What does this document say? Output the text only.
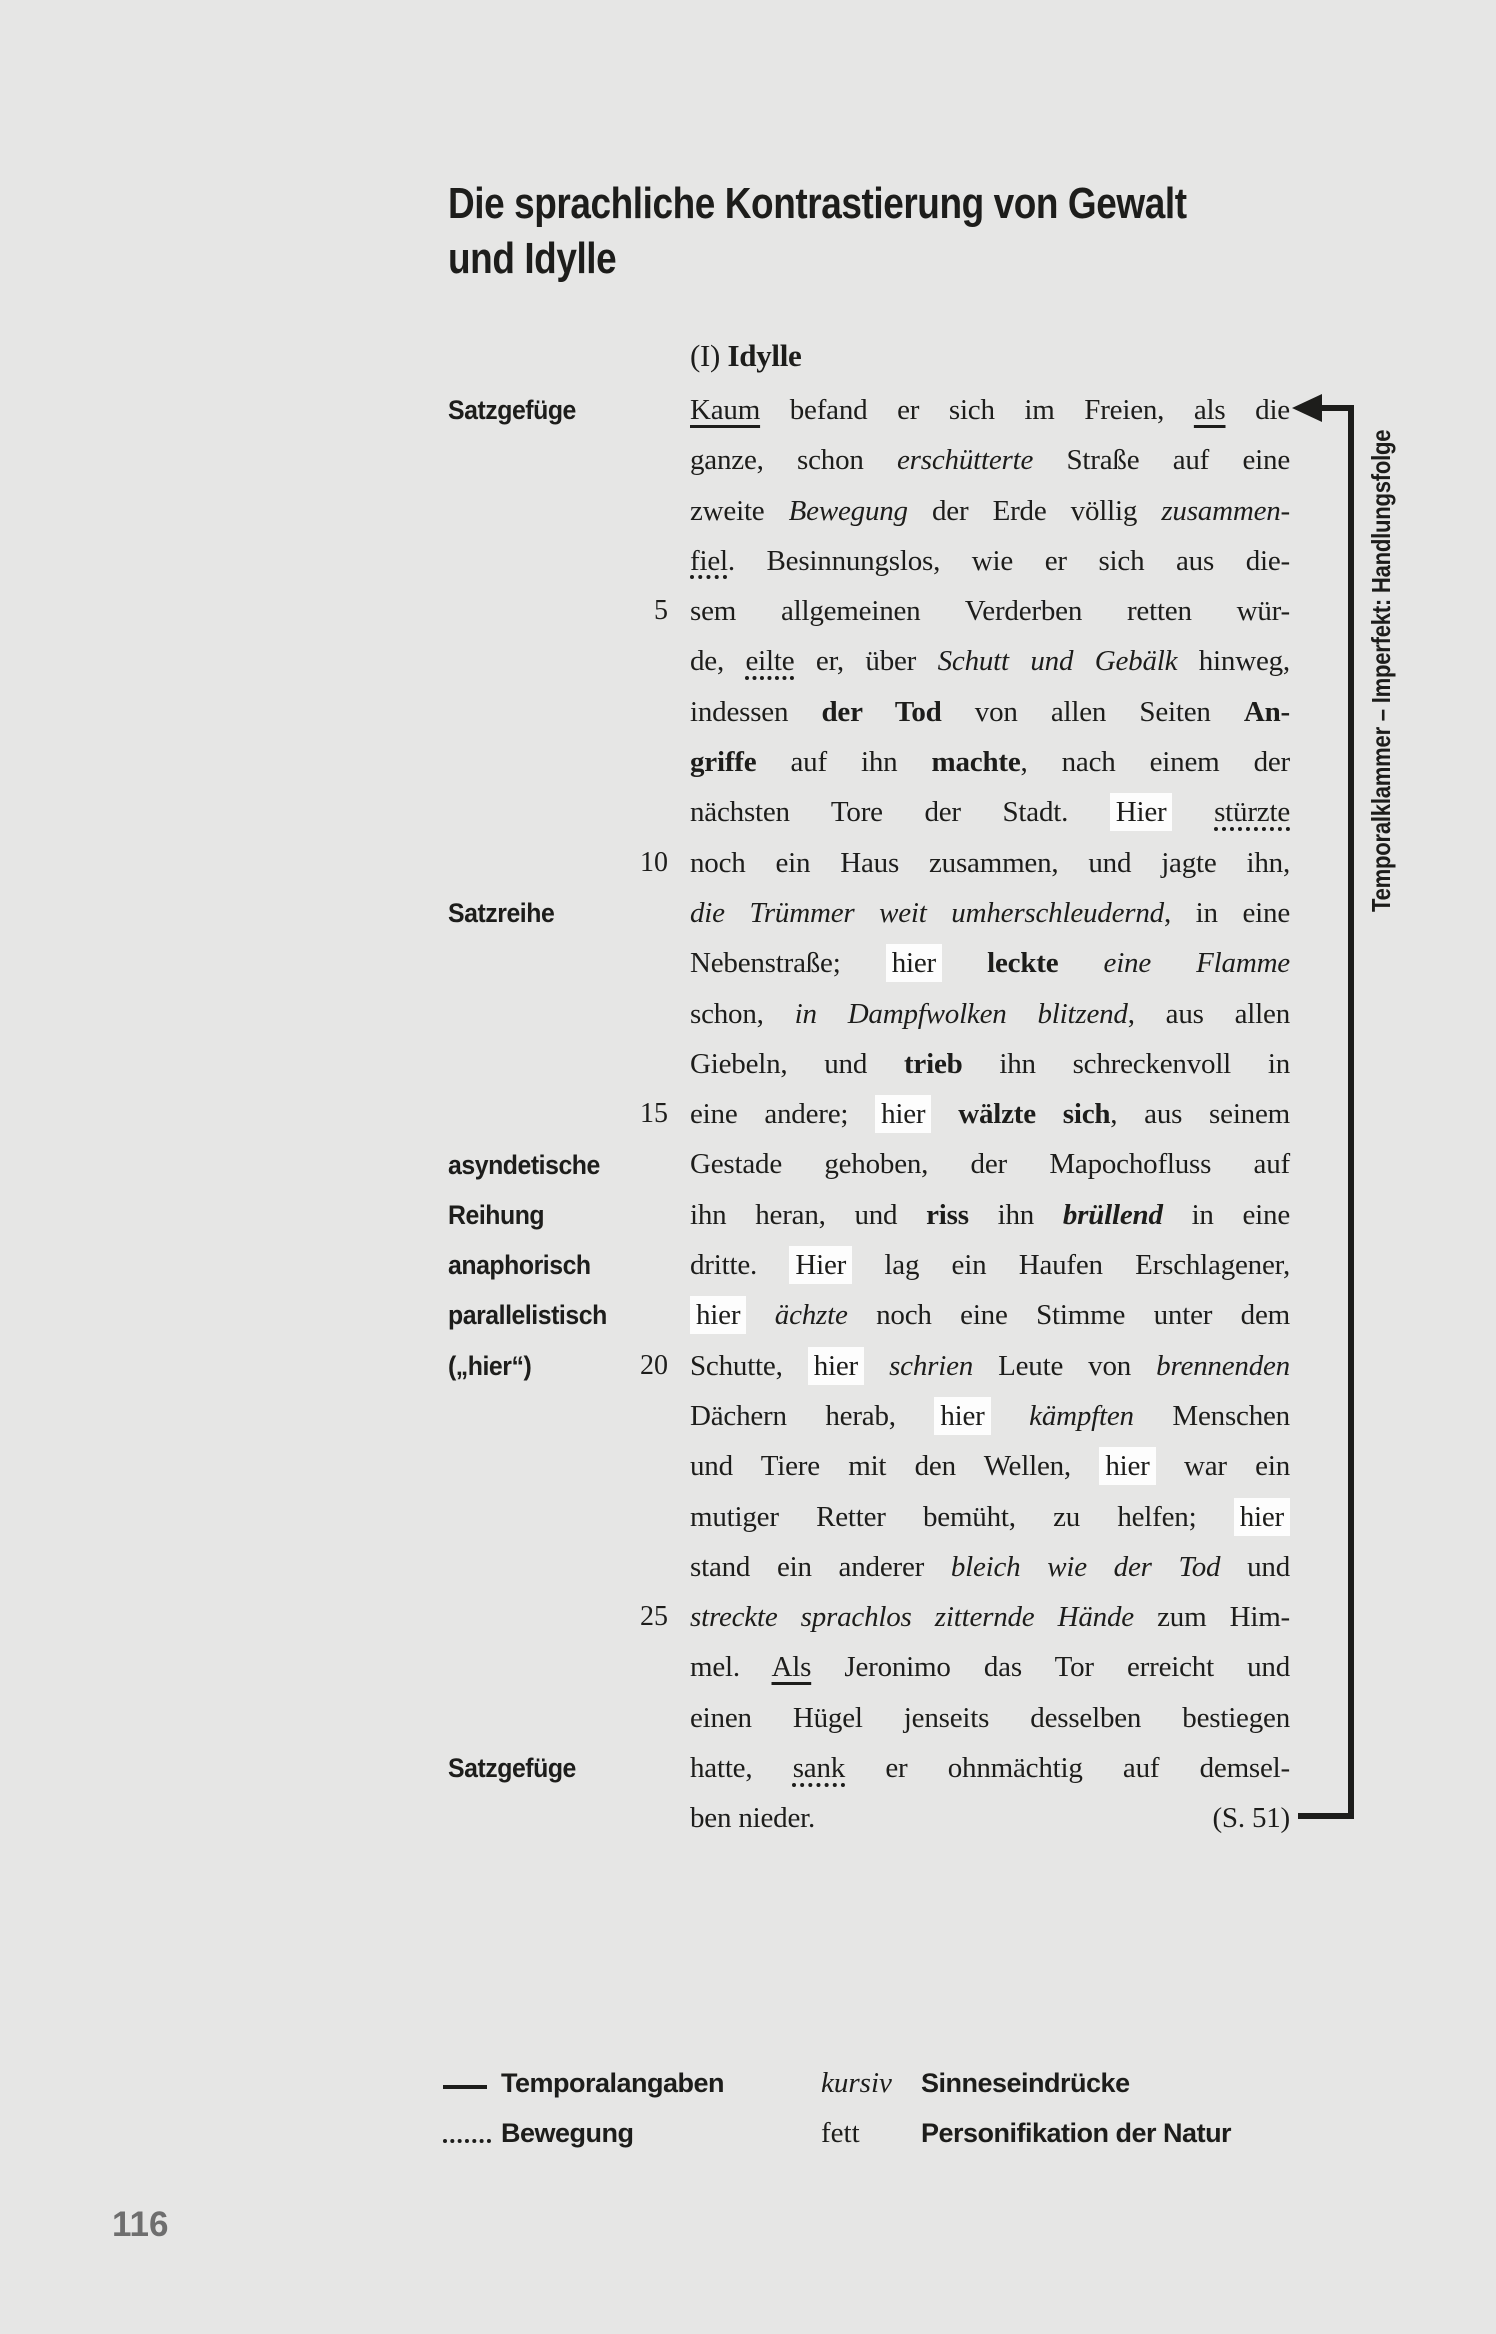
Die sprachliche Kontrastierung von Gewalt
und Idylle
(I) Idylle
Satzgefüge
Satzreihe
asyndetische
Reihung
anaphorisch
parallelistisch
(„hier“)
Satzgefüge
5
10
15
20
25
(S. 51)
Kaum befand er sich im Freien, als die
ganze, schon erschütterte Straße auf eine
zweite Bewegung der Erde völlig zusammen-
fiel. Besinnungslos, wie er sich aus die-
sem allgemeinen Verderben retten wür-
de, eilte er, über Schutt und Gebälk hinweg,
indessen der Tod von allen Seiten An-
griffe auf ihn machte, nach einem der
nächsten Tore der Stadt. Hier stürzte
noch ein Haus zusammen, und jagte ihn,
die Trümmer weit umherschleudernd, in eine
Nebenstraße; hier leckte eine Flamme
schon, in Dampfwolken blitzend, aus allen
Giebeln, und trieb ihn schreckenvoll in
eine andere; hier wälzte sich, aus seinem
Gestade gehoben, der Mapochofluss auf
ihn heran, und riss ihn brüllend in eine
dritte. Hier lag ein Haufen Erschlagener,
hier ächzte noch eine Stimme unter dem
Schutte, hier schrien Leute von brennenden
Dächern herab, hier kämpften Menschen
und Tiere mit den Wellen, hier war ein
mutiger Retter bemüht, zu helfen; hier
stand ein anderer bleich wie der Tod und
streckte sprachlos zitternde Hände zum Him-
mel. Als Jeronimo das Tor erreicht und
einen Hügel jenseits desselben bestiegen
hatte, sank er ohnmächtig auf demsel-
ben nieder.
Temporalklammer – Imperfekt: Handlungsfolge
Temporalangaben	kursiv Sinneseindrücke
Bewegung	fett Personifikation der Natur
116
